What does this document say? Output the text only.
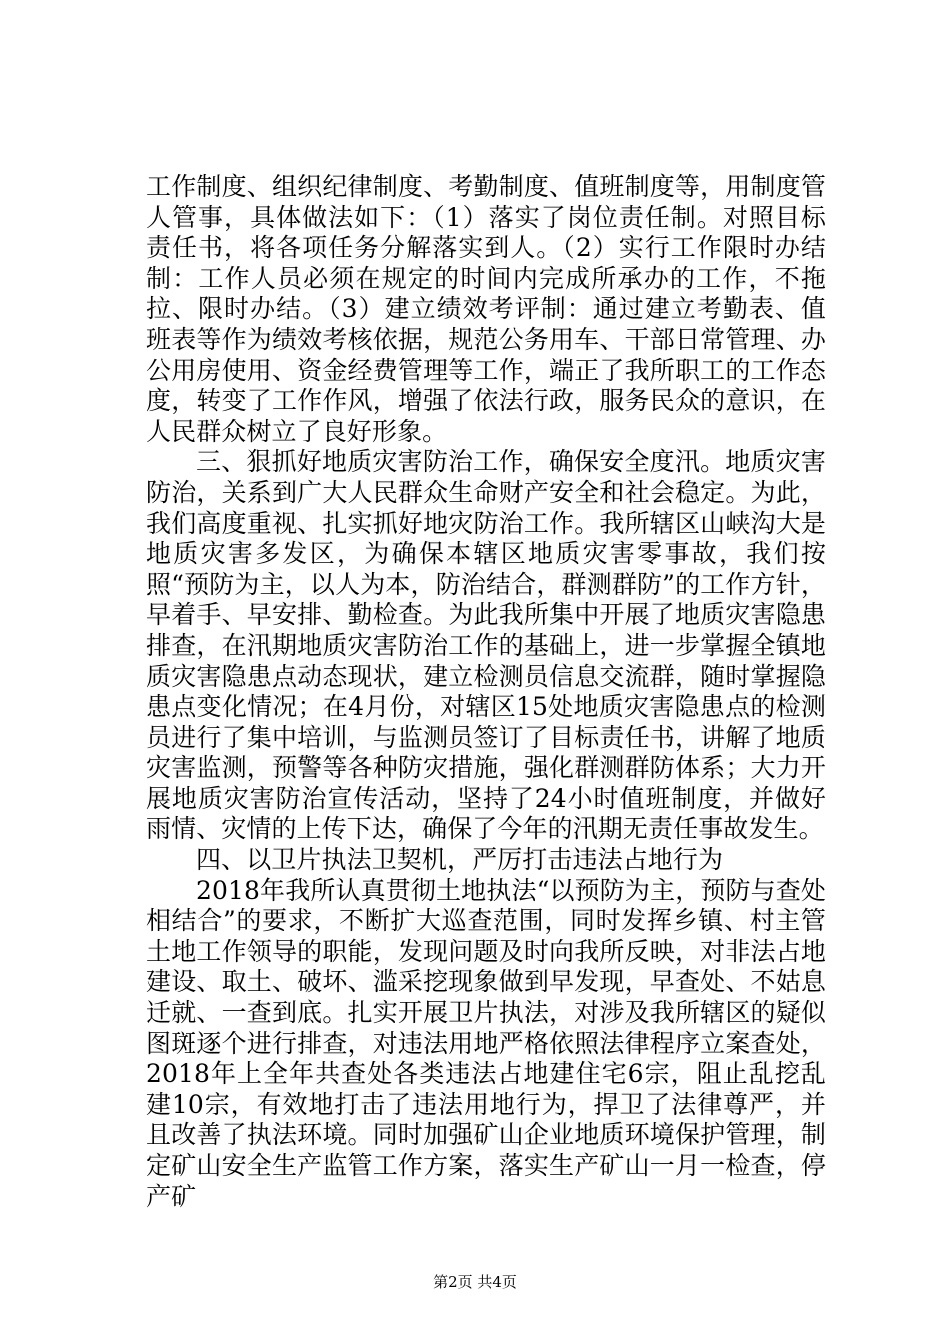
工作制度、组织纪律制度、考勤制度、值班制度等，用制度管人管事，具体做法如下：（1）落实了岗位责任制。对照目标责任书，将各项任务分解落实到人。（2）实行工作限时办结制：工作人员必须在规定的时间内完成所承办的工作，不拖拉、限时办结。（3）建立绩效考评制：通过建立考勤表、值班表等作为绩效考核依据，规范公务用车、干部日常管理、办公用房使用、资金经费管理等工作，端正了我所职工的工作态度，转变了工作作风，增强了依法行政，服务民众的意识，在人民群众树立了良好形象。

三、狠抓好地质灾害防治工作，确保安全度汛。地质灾害防治，关系到广大人民群众生命财产安全和社会稳定。为此，我们高度重视、扎实抓好地灾防治工作。我所辖区山峡沟大是地质灾害多发区，为确保本辖区地质灾害零事故，我们按照“预防为主，以人为本，防治结合，群测群防”的工作方针，早着手、早安排、勤检查。为此我所集中开展了地质灾害隐患排查，在汛期地质灾害防治工作的基础上，进一步掌握全镇地质灾害隐患点动态现状，建立检测员信息交流群，随时掌握隐患点变化情况；在4月份，对辖区15处地质灾害隐患点的检测员进行了集中培训，与监测员签订了目标责任书，讲解了地质灾害监测，预警等各种防灾措施，强化群测群防体系；大力开展地质灾害防治宣传活动，坚持了24小时值班制度，并做好雨情、灾情的上传下达，确保了今年的汛期无责任事故发生。

四、以卫片执法卫契机，严厉打击违法占地行为

2018年我所认真贯彻土地执法“以预防为主，预防与查处相结合”的要求，不断扩大巡查范围，同时发挥乡镇、村主管土地工作领导的职能，发现问题及时向我所反映，对非法占地建设、取土、破坏、滥采挖现象做到早发现，早查处、不姑息迁就、一查到底。扎实开展卫片执法，对涉及我所辖区的疑似图斑逐个进行排查，对违法用地严格依照法律程序立案查处，2018年上全年共查处各类违法占地建住宅6宗，阻止乱挖乱建10宗，有效地打击了违法用地行为，捍卫了法律尊严，并且改善了执法环境。同时加强矿山企业地质环境保护管理，制定矿山安全生产监管工作方案，落实生产矿山一月一检查，停产矿

第2页 共4页
